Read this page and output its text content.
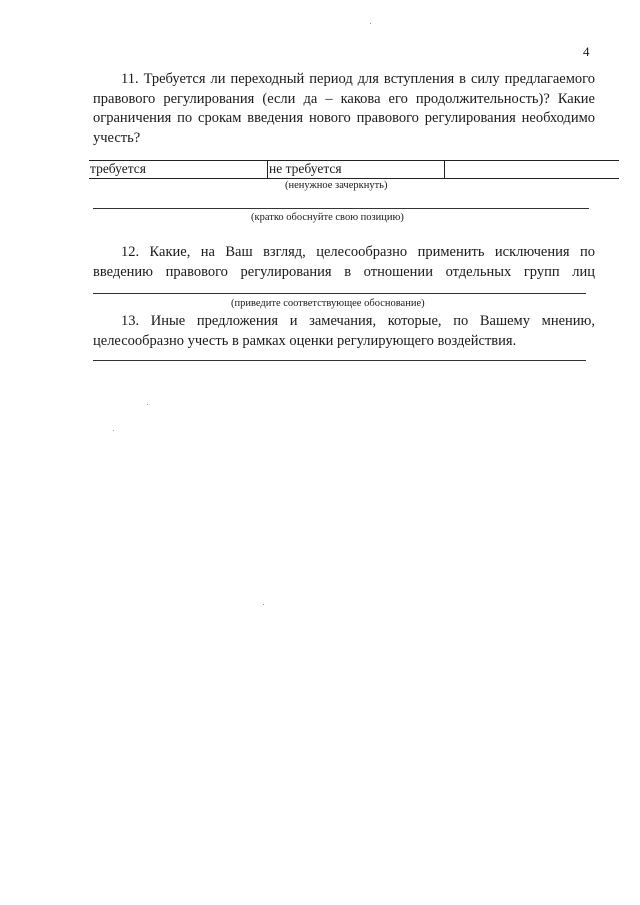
4

11. Требуется ли переходный период для вступления в силу предлагаемого правового регулирования (если да – какова его продолжительность)? Какие ограничения по срокам введения нового правового регулирования необходимо учесть?

требуется	не требуется
(ненужное зачеркнуть)
(кратко обоснуйте свою позицию)

12. Какие, на Ваш взгляд, целесообразно применить исключения по введению правового регулирования в отношении отдельных групп лиц

(приведите соответствующее обоснование)

13. Иные предложения и замечания, которые, по Вашему мнению, целесообразно учесть в рамках оценки регулирующего воздействия.
